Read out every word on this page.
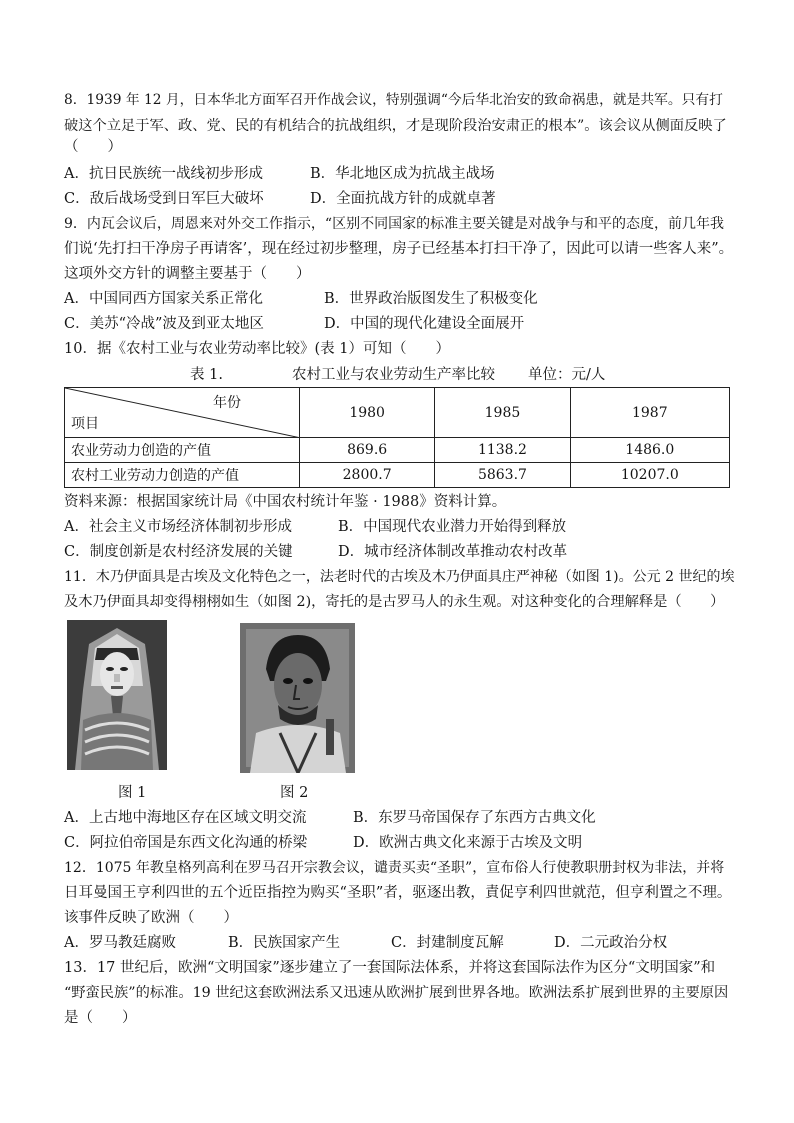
8．1939 年 12 月，日本华北方面军召开作战会议，特别强调“今后华北治安的致命祸患，就是共军。只有打
破这个立足于军、政、党、民的有机结合的抗战组织，才是现阶段治安肃正的根本”。该会议从侧面反映了
（　　）
A．抗日民族统一战线初步形成	B．华北地区成为抗战主战场
C．敌后战场受到日军巨大破坏	D．全面抗战方针的成就卓著
9．内瓦会议后，周恩来对外交工作指示，“区别不同国家的标准主要关键是对战争与和平的态度，前几年我
们说‘先打扫干净房子再请客’，现在经过初步整理，房子已经基本打扫干净了，因此可以请一些客人来”。
这项外交方针的调整主要基于（　　）
A．中国同西方国家关系正常化	B．世界政治版图发生了积极变化
C．美苏“冷战”波及到亚太地区	D．中国的现代化建设全面展开
10．据《农村工业与农业劳动率比较》(表 1）可知（　　）
表 1.	农村工业与农业劳动生产率比较 单位：元/人
年份
项目	1980	1985	1987
农业劳动力创造的产值	869.6	1138.2	1486.0
农村工业劳动力创造的产值	2800.7	5863.7	10207.0
资料来源：根据国家统计局《中国农村统计年鉴 · 1988》资料计算。
A．社会主义市场经济体制初步形成	B．中国现代农业潜力开始得到释放
C．制度创新是农村经济发展的关键	D．城市经济体制改革推动农村改革
11．木乃伊面具是古埃及文化特色之一，法老时代的古埃及木乃伊面具庄严神秘（如图 1)。公元 2 世纪的埃
及木乃伊面具却变得栩栩如生（如图 2)，寄托的是古罗马人的永生观。对这种变化的合理解释是（　　）
图 1	图 2
A．上古地中海地区存在区域文明交流	B．东罗马帝国保存了东西方古典文化
C．阿拉伯帝国是东西文化沟通的桥梁	D．欧洲古典文化来源于古埃及文明
12．1075 年教皇格列高利在罗马召开宗教会议，谴责买卖“圣职”，宣布俗人行使教职册封权为非法，并将
日耳曼国王亨利四世的五个近臣指控为购买“圣职”者，驱逐出教，責促亨利四世就范，但亨利置之不理。
该事件反映了欧洲（　　）
A．罗马教廷腐败	B．民族国家产生	C．封建制度瓦解	D．二元政治分权
13．17 世纪后，欧洲“文明国家”逐步建立了一套国际法体系，并将这套国际法作为区分“文明国家”和
“野蛮民族”的标准。19 世纪这套欧洲法系又迅速从欧洲扩展到世界各地。欧洲法系扩展到世界的主要原因
是（　　）
